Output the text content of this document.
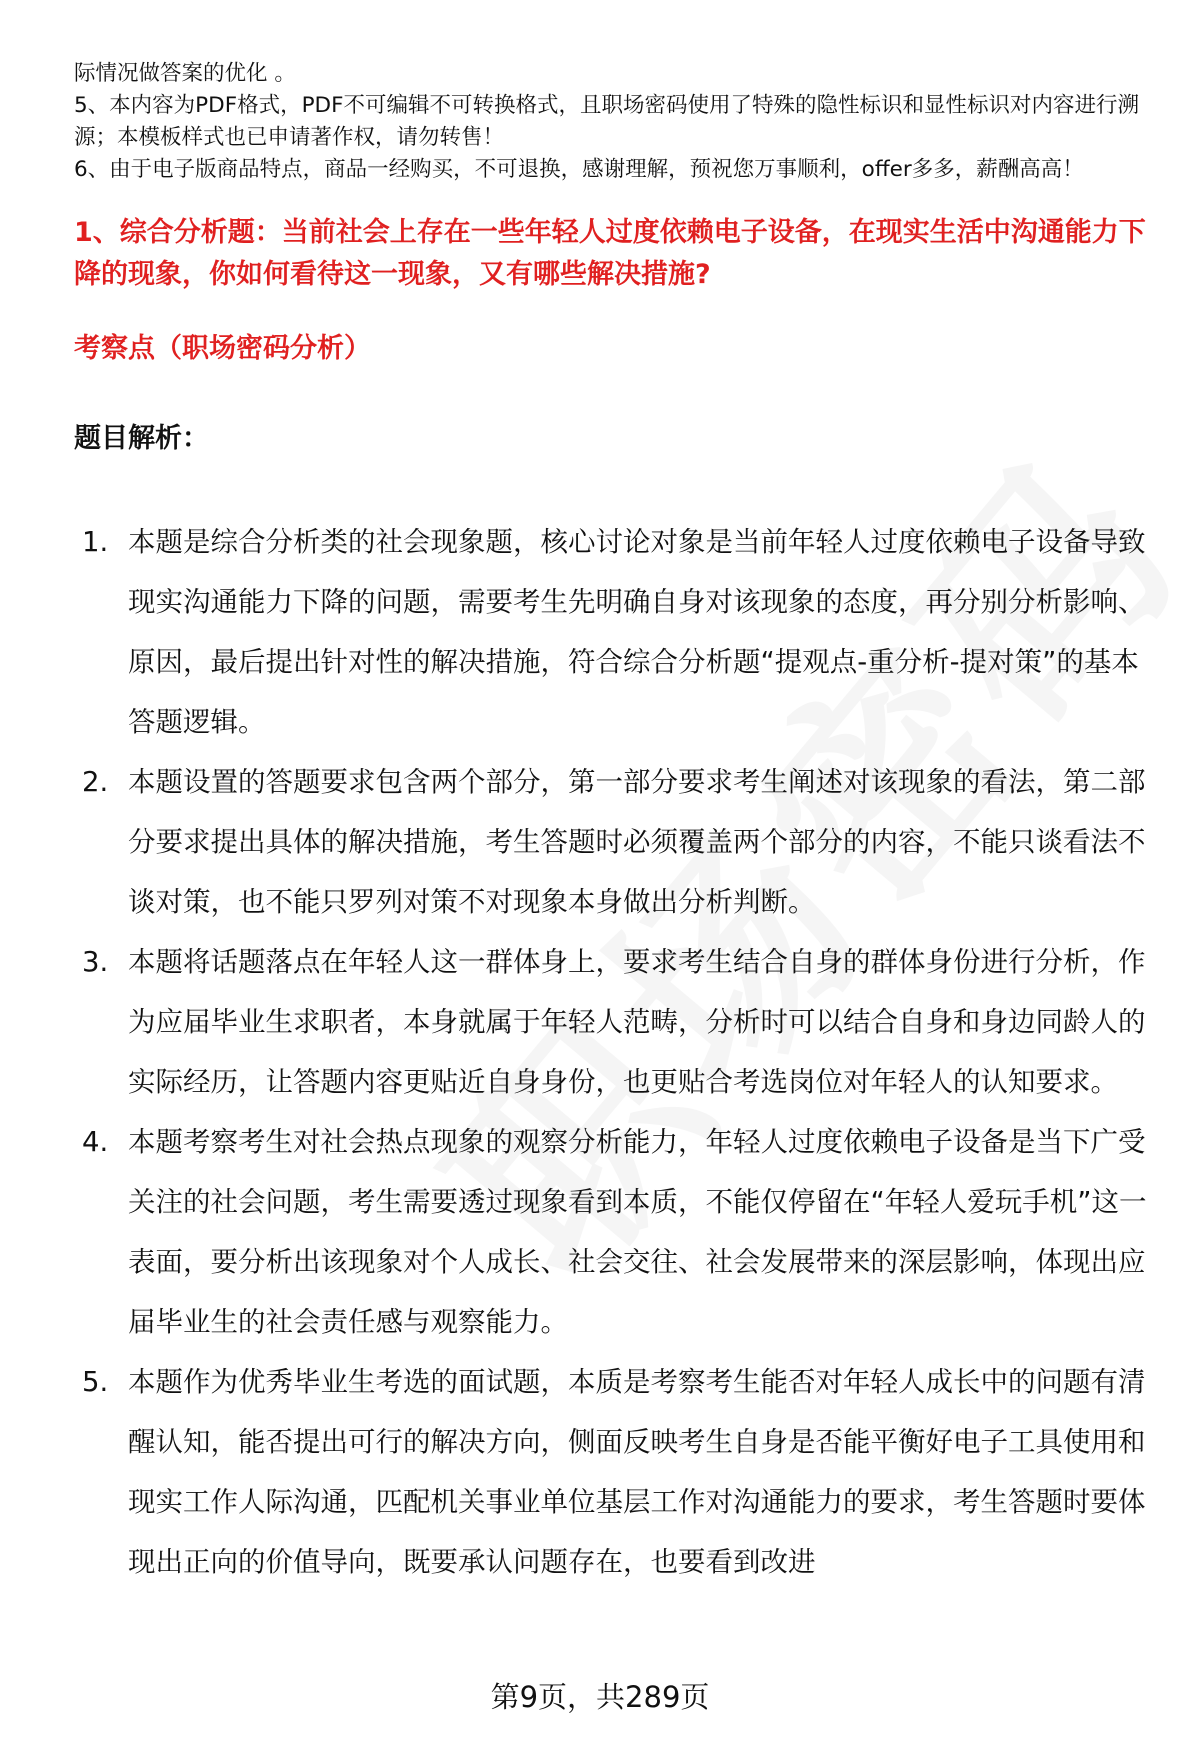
际情况做答案的优化 。

5、本内容为PDF格式，PDF不可编辑不可转换格式，且职场密码使用了特殊的隐性标识和显性标识对内容进行溯源；本模板样式也已申请著作权，请勿转售！

6、由于电子版商品特点，商品一经购买，不可退换，感谢理解，预祝您万事顺利，offer多多，薪酬高高！

1、综合分析题：当前社会上存在一些年轻人过度依赖电子设备，在现实生活中沟通能力下降的现象，你如何看待这一现象，又有哪些解决措施?
考察点（职场密码分析）
题目解析：
1. 本题是综合分析类的社会现象题，核心讨论对象是当前年轻人过度依赖电子设备导致现实沟通能力下降的问题，需要考生先明确自身对该现象的态度，再分别分析影响、原因，最后提出针对性的解决措施，符合综合分析题“提观点-重分析-提对策”的基本答题逻辑。
2. 本题设置的答题要求包含两个部分，第一部分要求考生阐述对该现象的看法，第二部分要求提出具体的解决措施，考生答题时必须覆盖两个部分的内容，不能只谈看法不谈对策，也不能只罗列对策不对现象本身做出分析判断。
3. 本题将话题落点在年轻人这一群体身上，要求考生结合自身的群体身份进行分析，作为应届毕业生求职者，本身就属于年轻人范畴，分析时可以结合自身和身边同龄人的实际经历，让答题内容更贴近自身身份，也更贴合考选岗位对年轻人的认知要求。
4. 本题考察考生对社会热点现象的观察分析能力，年轻人过度依赖电子设备是当下广受关注的社会问题，考生需要透过现象看到本质，不能仅停留在“年轻人爱玩手机”这一表面，要分析出该现象对个人成长、社会交往、社会发展带来的深层影响，体现出应届毕业生的社会责任感与观察能力。
5. 本题作为优秀毕业生考选的面试题，本质是考察考生能否对年轻人成长中的问题有清醒认知，能否提出可行的解决方向，侧面反映考生自身是否能平衡好电子工具使用和现实工作人际沟通，匹配机关事业单位基层工作对沟通能力的要求，考生答题时要体现出正向的价值导向，既要承认问题存在，也要看到改进
第9页，共289页
